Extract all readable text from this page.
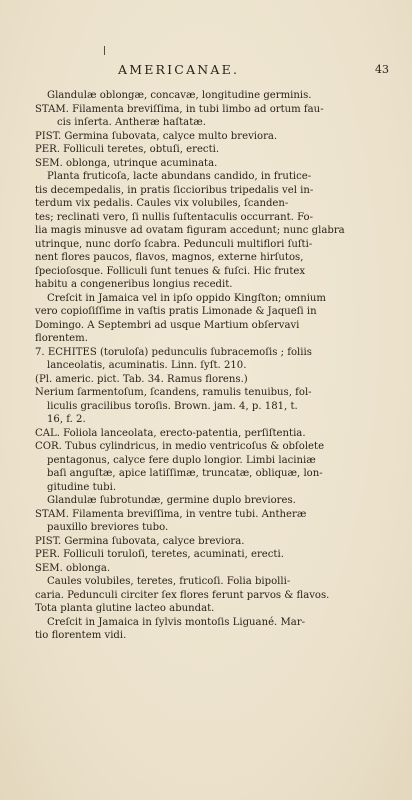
AMERICANAE.	43
Glandulæ oblongæ, concavæ, longitudine germinis.
STAM. Filamenta breviſſima, in tubi limbo ad ortum fau-
cis inſerta. Antheræ haſtatæ.
PIST. Germina ſubovata, calyce multo breviora.
PER. Folliculi teretes, obtuſi, erecti.
SEM. oblonga, utrinque acuminata.
Planta fruticoſa, lacte abundans candido, in frutice-
tis decempedalis, in pratis ſiccioribus tripedalis vel in-
terdum vix pedalis. Caules vix volubiles, ſcanden-
tes; reclinati vero, ſi nullis ſuſtentaculis occurrant. Fo-
lia magis minusve ad ovatam figuram accedunt; nunc glabra
utrinque, nunc dorſo ſcabra. Pedunculi multiflori ſuſti-
nent flores paucos, flavos, magnos, externe hirſutos,
ſpecioſosque. Folliculi ſunt tenues & fuſci. Hic frutex
habitu a congeneribus longius recedit.
Creſcit in Jamaica vel in ipſo oppido Kingſton; omnium
vero copioſiſſime in vaſtis pratis Limonade & Jaqueſi in
Domingo. A Septembri ad usque Martium obſervavi
florentem.
7. ECHITES (toruloſa) pedunculis ſubracemoſis ; foliis
lanceolatis, acuminatis. Linn. ſyſt. 210.
(Pl. americ. pict. Tab. 34. Ramus florens.)
Nerium ſarmentoſum, ſcandens, ramulis tenuibus, fol-
liculis gracilibus toroſis. Brown. jam. 4, p. 181, t.
16, f. 2.
CAL. Foliola lanceolata, erecto-patentia, perſiſtentia.
COR. Tubus cylindricus, in medio ventricoſus & obſolete
pentagonus, calyce fere duplo longior. Limbi laciniæ
baſi anguſtæ, apice latiſſimæ, truncatæ, obliquæ, lon-
gitudine tubi.
Glandulæ ſubrotundæ, germine duplo breviores.
STAM. Filamenta breviſſima, in ventre tubi. Antheræ
pauxillo breviores tubo.
PIST. Germina ſubovata, calyce breviora.
PER. Folliculi toruloſi, teretes, acuminati, erecti.
SEM. oblonga.
Caules volubiles, teretes, fruticoſi. Folia bipolli-
caria. Pedunculi circiter ſex flores ferunt parvos & flavos.
Tota planta glutine lacteo abundat.
Creſcit in Jamaica in ſylvis montoſis Liguané. Mar-
tio florentem vidi.
